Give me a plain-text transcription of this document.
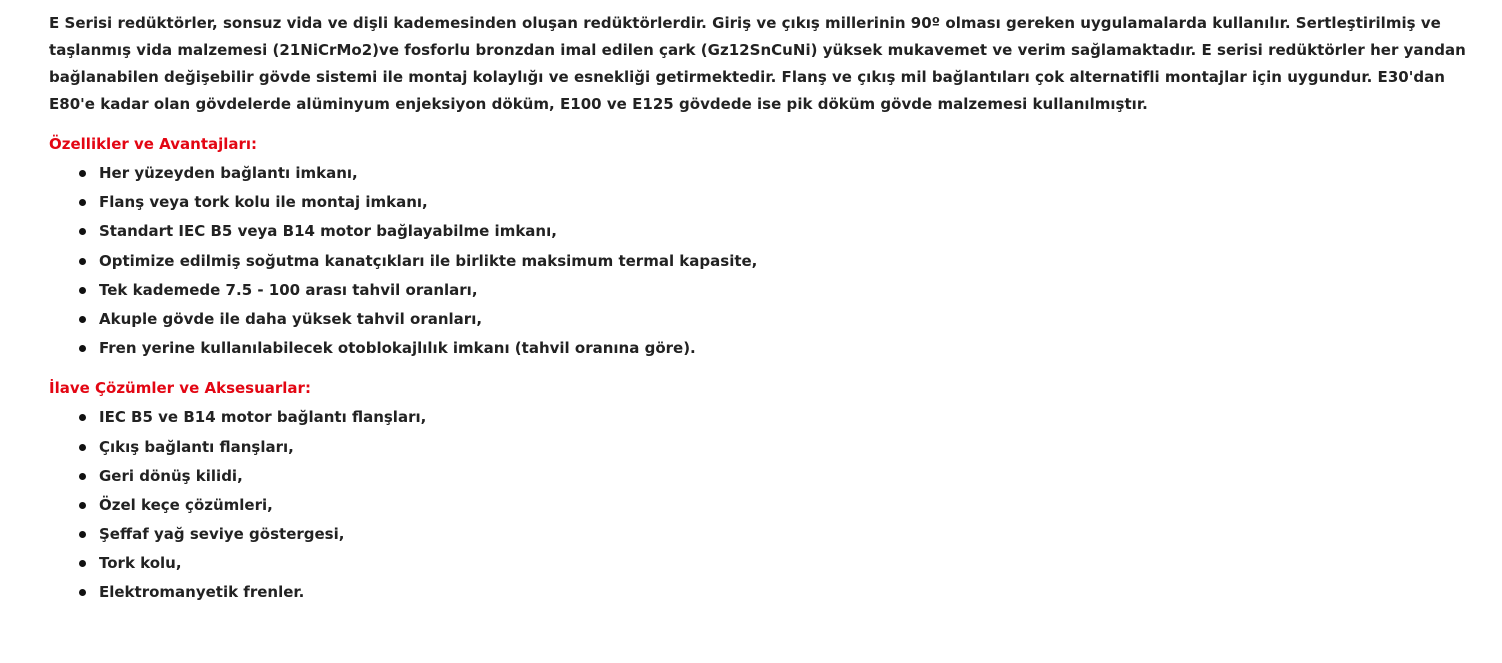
E Serisi redüktörler, sonsuz vida ve dişli kademesinden oluşan redüktörlerdir. Giriş ve çıkış millerinin 90º olması gereken uygulamalarda kullanılır. Sertleştirilmiş ve taşlanmış vida malzemesi (21NiCrMo2)ve fosforlu bronzdan imal edilen çark (Gz12SnCuNi) yüksek mukavemet ve verim sağlamaktadır. E serisi redüktörler her yandan bağlanabilen değişebilir gövde sistemi ile montaj kolaylığı ve esnekliği getirmektedir. Flanş ve çıkış mil bağlantıları çok alternatifli montajlar için uygundur. E30'dan E80'e kadar olan gövdelerde alüminyum enjeksiyon döküm, E100 ve E125 gövdede ise pik döküm gövde malzemesi kullanılmıştır.

Özellikler ve Avantajları:

Her yüzeyden bağlantı imkanı,
Flanş veya tork kolu ile montaj imkanı,
Standart IEC B5 veya B14 motor bağlayabilme imkanı,
Optimize edilmiş soğutma kanatçıkları ile birlikte maksimum termal kapasite,
Tek kademede 7.5 - 100 arası tahvil oranları,
Akuple gövde ile daha yüksek tahvil oranları,
Fren yerine kullanılabilecek otoblokajlılık imkanı (tahvil oranına göre).

İlave Çözümler ve Aksesuarlar:

IEC B5 ve B14 motor bağlantı flanşları,
Çıkış bağlantı flanşları,
Geri dönüş kilidi,
Özel keçe çözümleri,
Şeffaf yağ seviye göstergesi,
Tork kolu,
Elektromanyetik frenler.
